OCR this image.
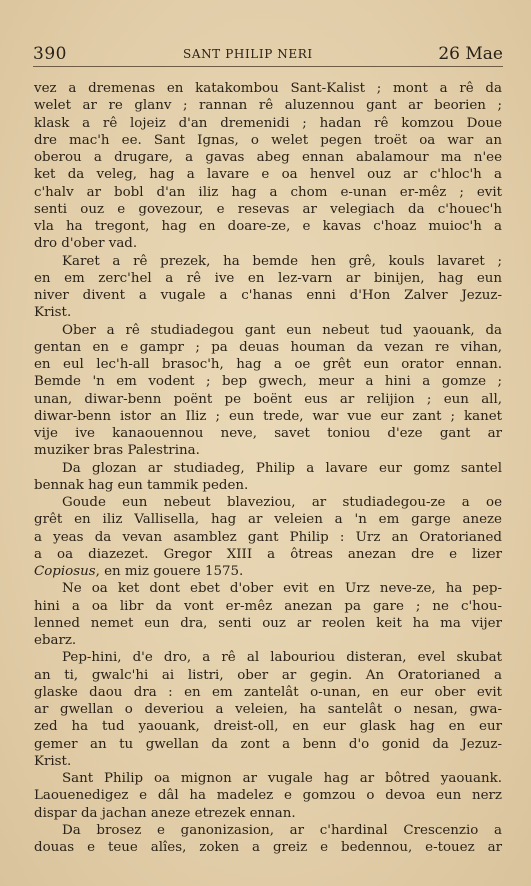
390	SANT PHILIP NERI	26 Mae
vez a dremenas en katakombou Sant-Kalist ; mont a rê da
welet ar re glanv ; rannan rê aluzennou gant ar beorien ;
klask a rê lojeiz d'an dremenidi ; hadan rê komzou Doue
dre mac'h ee. Sant Ignas, o welet pegen troët oa war an
oberou a drugare, a gavas abeg ennan abalamour ma n'ee
ket da veleg, hag a lavare e oa henvel ouz ar c'hloc'h a
c'halv ar bobl d'an iliz hag a chom e-unan er-mêz ; evit
senti ouz e govezour, e resevas ar velegiach da c'houec'h
vla ha tregont, hag en doare-ze, e kavas c'hoaz muioc'h a
dro d'ober vad.
Karet a rê prezek, ha bemde hen grê, kouls lavaret ;
en em zerc'hel a rê ive en lez-varn ar binijen, hag eun
niver divent a vugale a c'hanas enni d'Hon Zalver Jezuz-
Krist.
Ober a rê studiadegou gant eun nebeut tud yaouank, da
gentan en e gampr ; pa deuas houman da vezan re vihan,
en eul lec'h-all brasoc'h, hag a oe grêt eun orator ennan.
Bemde 'n em vodent ; bep gwech, meur a hini a gomze ;
unan, diwar-benn poënt pe boënt eus ar relijion ; eun all,
diwar-benn istor an Iliz ; eun trede, war vue eur zant ; kanet
vije ive kanaouennou neve, savet toniou d'eze gant ar
muziker bras Palestrina.
Da glozan ar studiadeg, Philip a lavare eur gomz santel
bennak hag eun tammik peden.
Goude eun nebeut blaveziou, ar studiadegou-ze a oe
grêt en iliz Vallisella, hag ar veleien a 'n em garge aneze
a yeas da vevan asamblez gant Philip : Urz an Oratorianed
a oa diazezet. Gregor XIII a ôtreas anezan dre e lizer
Copiosus, en miz gouere 1575.
Ne oa ket dont ebet d'ober evit en Urz neve-ze, ha pep-
hini a oa libr da vont er-mêz anezan pa gare ; ne c'hou-
lenned nemet eun dra, senti ouz ar reolen keit ha ma vijer
ebarz.
Pep-hini, d'e dro, a rê al labouriou disteran, evel skubat
an ti, gwalc'hi ai listri, ober ar gegin. An Oratorianed a
glaske daou dra : en em zantelât o-unan, en eur ober evit
ar gwellan o deveriou a veleien, ha santelât o nesan, gwa-
zed ha tud yaouank, dreist-oll, en eur glask hag en eur
gemer an tu gwellan da zont a benn d'o gonid da Jezuz-
Krist.
Sant Philip oa mignon ar vugale hag ar bôtred yaouank.
Laouenedigez e dâl ha madelez e gomzou o devoa eun nerz
dispar da jachan aneze etrezek ennan.
Da brosez e ganonizasion, ar c'hardinal Crescenzio a
douas e teue alîes, zoken a greiz e bedennou, e-touez ar
